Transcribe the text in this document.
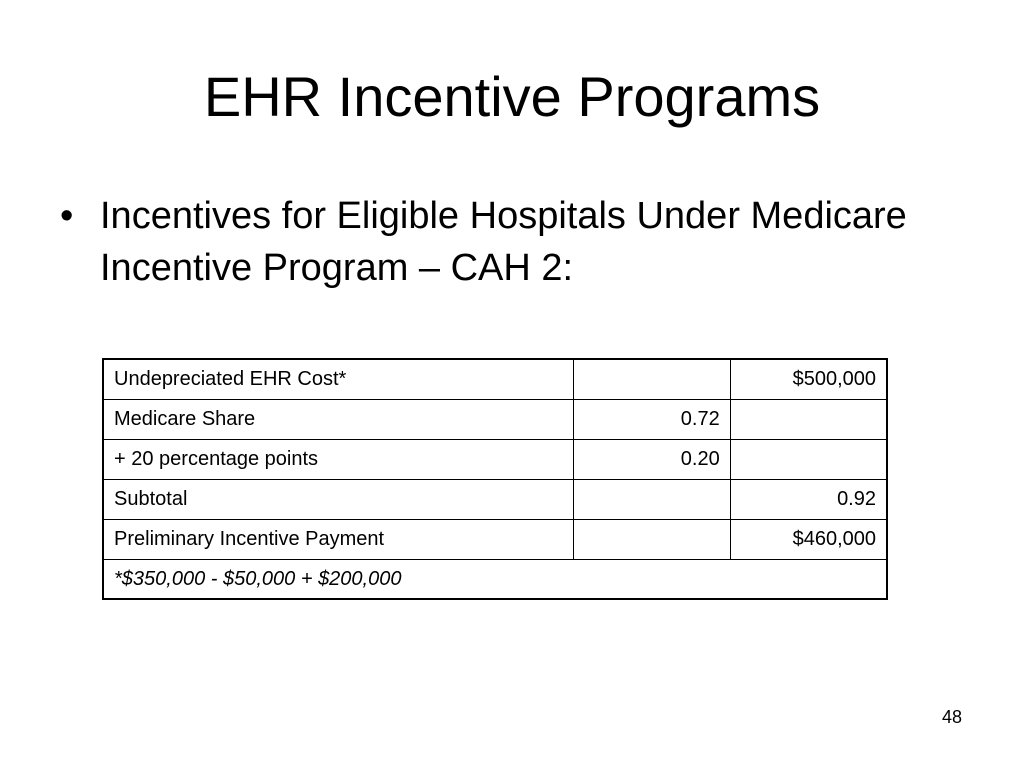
EHR Incentive Programs
• Incentives for Eligible Hospitals Under Medicare Incentive Program – CAH 2:
Undepreciated EHR Cost*		$500,000
Medicare Share	0.72	
+ 20 percentage points	0.20	
Subtotal		0.92
Preliminary Incentive Payment		$460,000
*$350,000 - $50,000 + $200,000		
48
